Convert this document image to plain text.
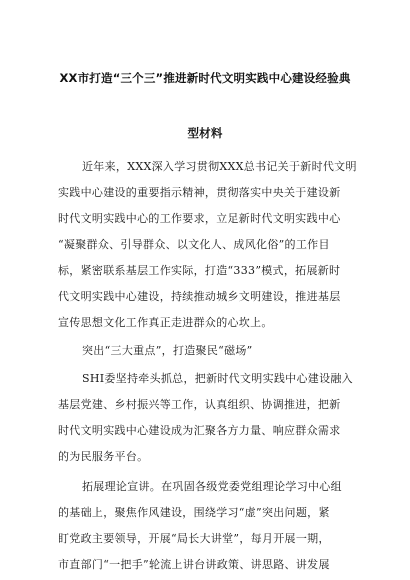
XX市打造“三个三”推进新时代文明实践中心建设经验典
型材料
近年来，XXX深入学习贯彻XXX总书记关于新时代文明
实践中心建设的重要指示精神，贯彻落实中央关于建设新
时代文明实践中心的工作要求，立足新时代文明实践中心
“凝聚群众、引导群众、以文化人、成风化俗”的工作目
标，紧密联系基层工作实际，打造“333”模式，拓展新时
代文明实践中心建设，持续推动城乡文明建设，推进基层
宣传思想文化工作真正走进群众的心坎上。
突出“三大重点”，打造聚民“磁场”
SHI委坚持牵头抓总，把新时代文明实践中心建设融入
基层党建、乡村振兴等工作，认真组织、协调推进，把新
时代文明实践中心建设成为汇聚各方力量、响应群众需求
的为民服务平台。
拓展理论宣讲。在巩固各级党委党组理论学习中心组
的基础上，聚焦作风建设，围绕学习“虚”突出问题，紧
盯党政主要领导，开展“局长大讲堂”，每月开展一期，
市直部门“一把手”轮流上讲台讲政策、讲思路、讲发展
